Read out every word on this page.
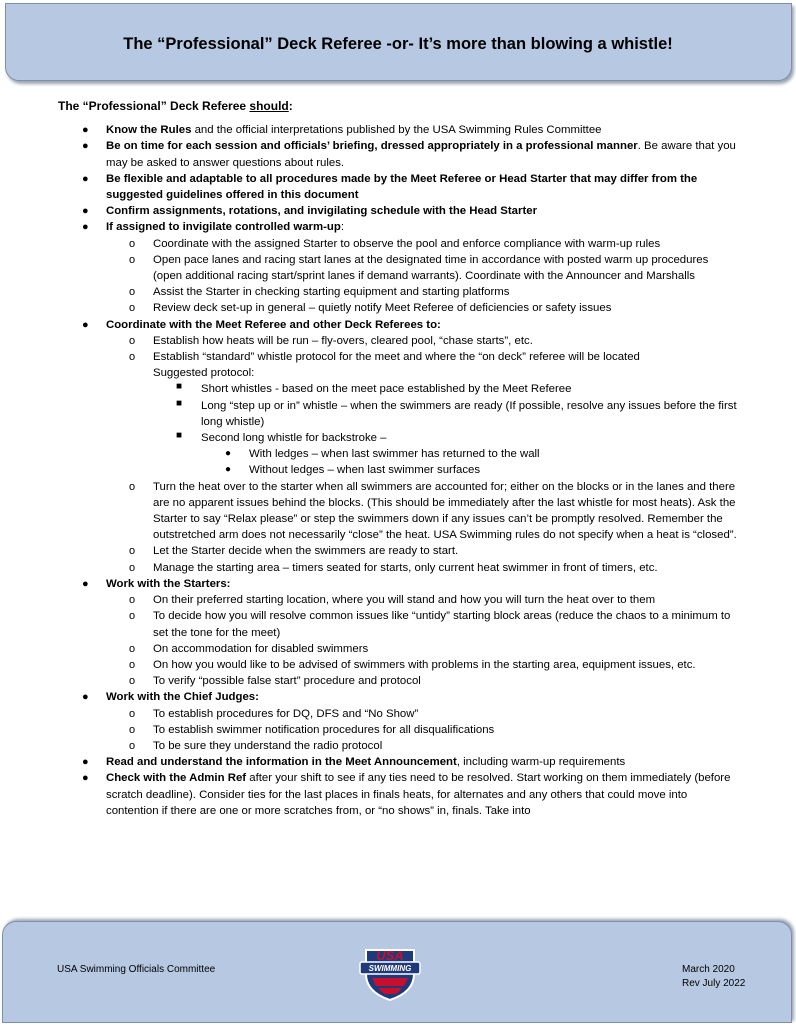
The “Professional” Deck Referee -or- It’s more than blowing a whistle!
The “Professional” Deck Referee should:
● Know the Rules and the official interpretations published by the USA Swimming Rules Committee
● Be on time for each session and officials’ briefing, dressed appropriately in a professional manner. Be aware that you may be asked to answer questions about rules.
● Be flexible and adaptable to all procedures made by the Meet Referee or Head Starter that may differ from the suggested guidelines offered in this document
● Confirm assignments, rotations, and invigilating schedule with the Head Starter
● If assigned to invigilate controlled warm-up:
o Coordinate with the assigned Starter to observe the pool and enforce compliance with warm-up rules
o Open pace lanes and racing start lanes at the designated time in accordance with posted warm up procedures (open additional racing start/sprint lanes if demand warrants). Coordinate with the Announcer and Marshalls
o Assist the Starter in checking starting equipment and starting platforms
o Review deck set-up in general – quietly notify Meet Referee of deficiencies or safety issues
● Coordinate with the Meet Referee and other Deck Referees to:
o Establish how heats will be run – fly-overs, cleared pool, “chase starts”, etc.
o Establish “standard” whistle protocol for the meet and where the “on deck” referee will be located
Suggested protocol:
■ Short whistles - based on the meet pace established by the Meet Referee
■ Long “step up or in” whistle – when the swimmers are ready (If possible, resolve any issues before the first long whistle)
■ Second long whistle for backstroke –
● With ledges – when last swimmer has returned to the wall
● Without ledges – when last swimmer surfaces
o Turn the heat over to the starter when all swimmers are accounted for; either on the blocks or in the lanes and there are no apparent issues behind the blocks. (This should be immediately after the last whistle for most heats). Ask the Starter to say “Relax please” or step the swimmers down if any issues can’t be promptly resolved. Remember the outstretched arm does not necessarily “close” the heat. USA Swimming rules do not specify when a heat is “closed”.
o Let the Starter decide when the swimmers are ready to start.
o Manage the starting area – timers seated for starts, only current heat swimmer in front of timers, etc.
● Work with the Starters:
o On their preferred starting location, where you will stand and how you will turn the heat over to them
o To decide how you will resolve common issues like “untidy” starting block areas (reduce the chaos to a minimum to set the tone for the meet)
o On accommodation for disabled swimmers
o On how you would like to be advised of swimmers with problems in the starting area, equipment issues, etc.
o To verify “possible false start” procedure and protocol
● Work with the Chief Judges:
o To establish procedures for DQ, DFS and “No Show”
o To establish swimmer notification procedures for all disqualifications
o To be sure they understand the radio protocol
● Read and understand the information in the Meet Announcement, including warm-up requirements
● Check with the Admin Ref after your shift to see if any ties need to be resolved. Start working on them immediately (before scratch deadline). Consider ties for the last places in finals heats, for alternates and any others that could move into contention if there are one or more scratches from, or “no shows” in, finals. Take into
USA Swimming Officials Committee	SWIMMING
USA
March 2020
Rev July 2022
